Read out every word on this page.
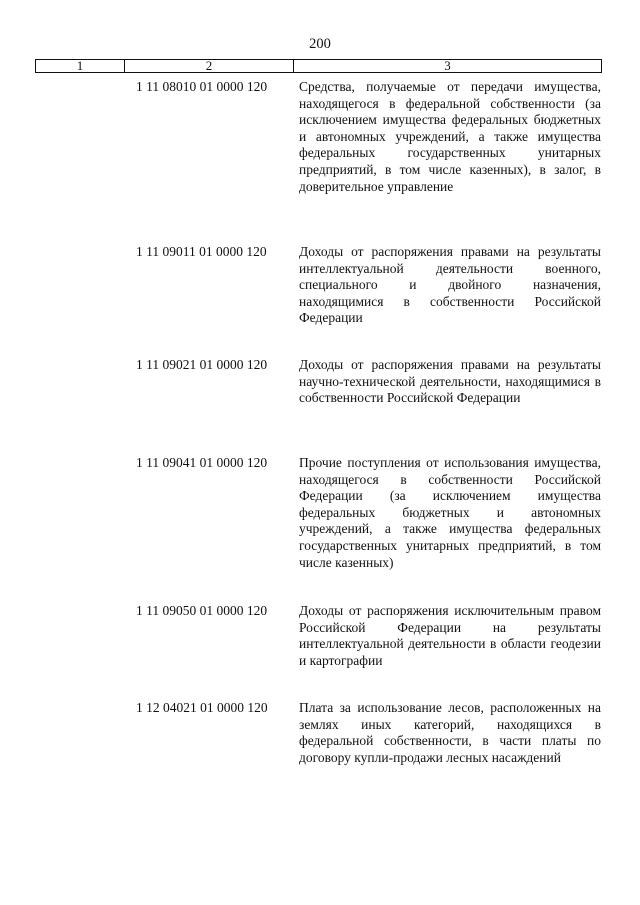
200
1	2	3
1 11 08010 01 0000 120 Средства, получаемые от передачи имущества, находящегося в федеральной собственности (за исключением имущества федеральных бюджетных и автономных учреждений, а также имущества федеральных государственных унитарных предприятий, в том числе казенных), в залог, в доверительное управление
1 11 09011 01 0000 120 Доходы от распоряжения правами на результаты интеллектуальной деятельности военного, специального и двойного назначения, находящимися в собственности Российской Федерации
1 11 09021 01 0000 120 Доходы от распоряжения правами на результаты научно-технической деятельности, находящимися в собственности Российской Федерации
1 11 09041 01 0000 120 Прочие поступления от использования имущества, находящегося в собственности Российской Федерации (за исключением имущества федеральных бюджетных и автономных учреждений, а также имущества федеральных государственных унитарных предприятий, в том числе казенных)
1 11 09050 01 0000 120 Доходы от распоряжения исключительным правом Российской Федерации на результаты интеллектуальной деятельности в области геодезии и картографии
1 12 04021 01 0000 120 Плата за использование лесов, расположенных на землях иных категорий, находящихся в федеральной собственности, в части платы по договору купли-продажи лесных насаждений
